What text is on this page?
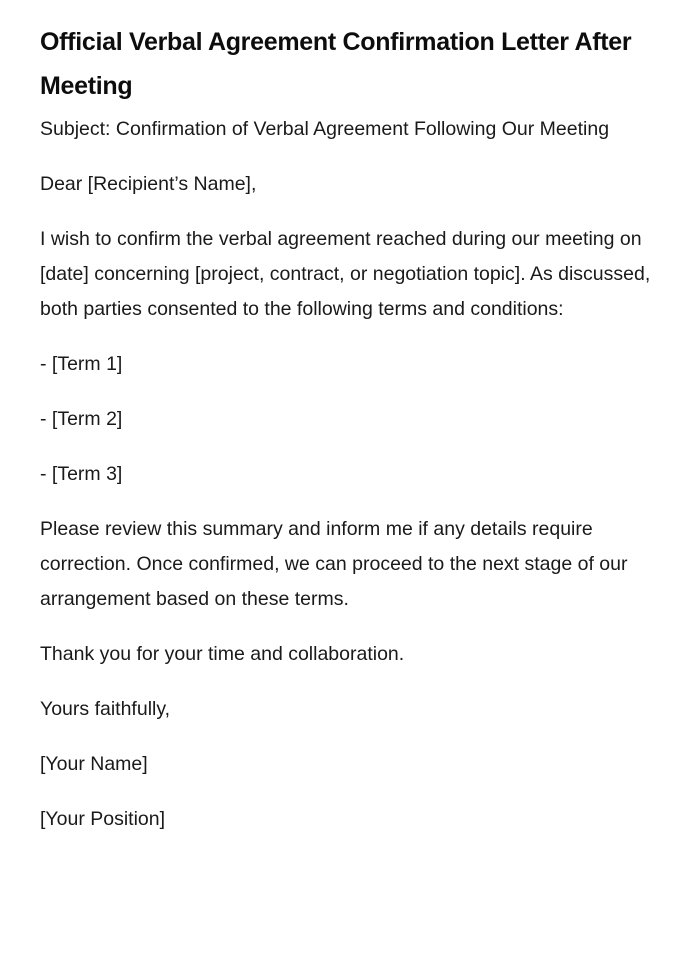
Official Verbal Agreement Confirmation Letter After Meeting

Subject: Confirmation of Verbal Agreement Following Our Meeting

Dear [Recipient’s Name],

I wish to confirm the verbal agreement reached during our meeting on [date] concerning [project, contract, or negotiation topic]. As discussed, both parties consented to the following terms and conditions:

- [Term 1]

- [Term 2]

- [Term 3]

Please review this summary and inform me if any details require correction. Once confirmed, we can proceed to the next stage of our arrangement based on these terms.

Thank you for your time and collaboration.

Yours faithfully,

[Your Name]

[Your Position]
